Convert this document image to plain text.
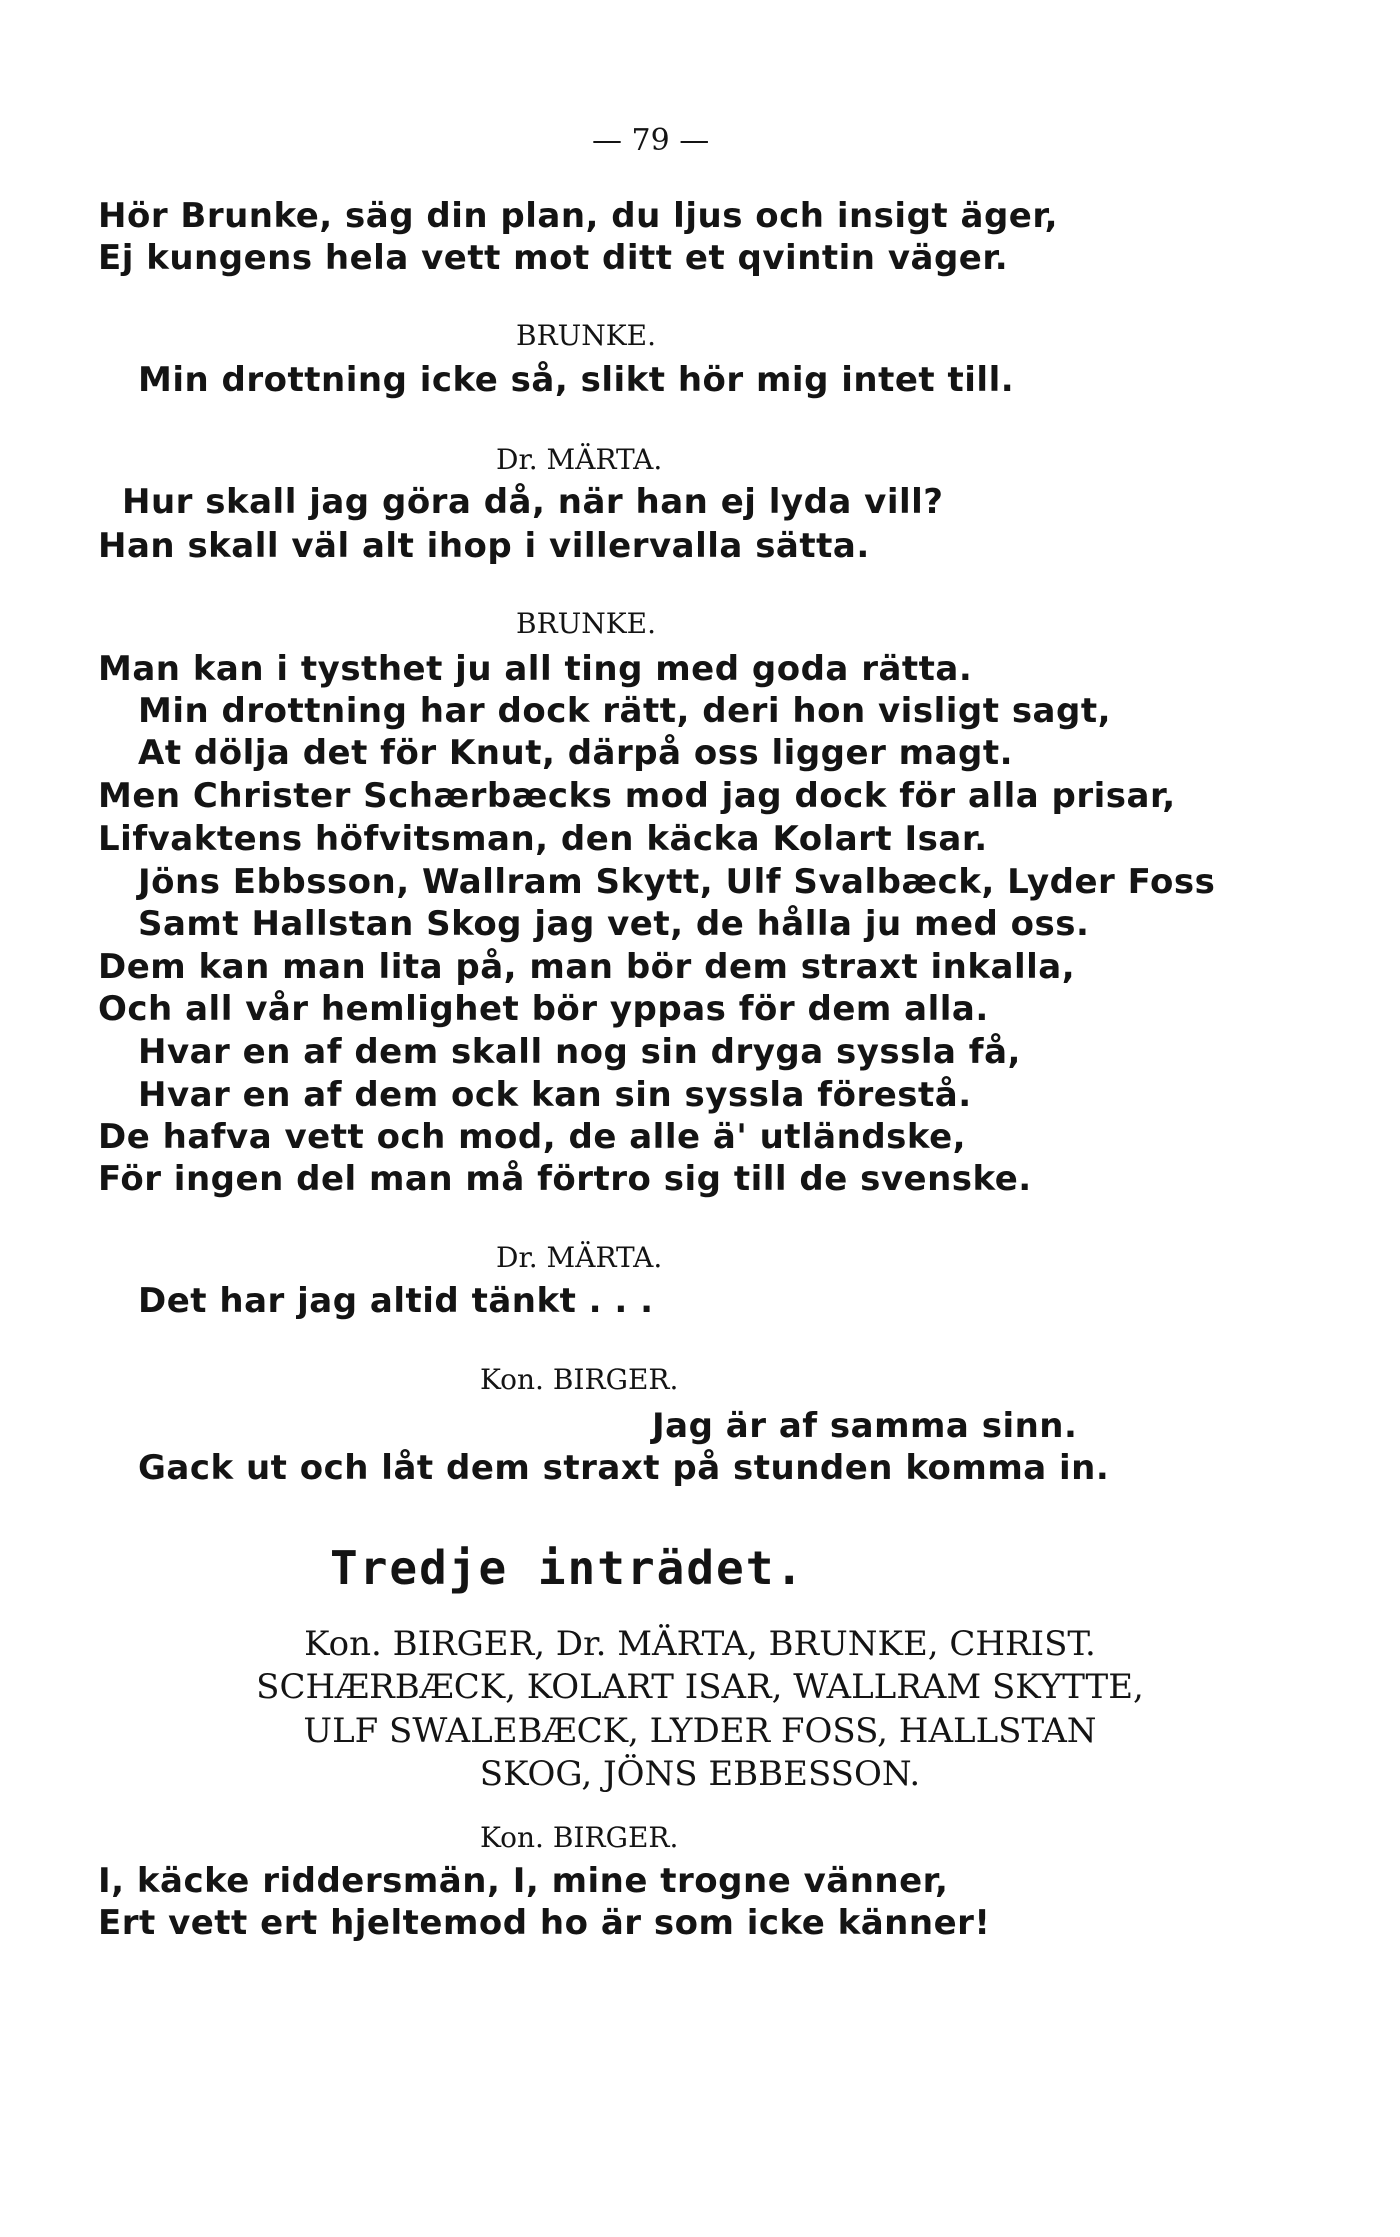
— 79 —
Hör Brunke, säg din plan, du ljus och insigt äger,
Ej kungens hela vett mot ditt et qvintin väger.
BRUNKE.
Min drottning icke så, slikt hör mig intet till.
Dr. MÄRTA.
Hur skall jag göra då, när han ej lyda vill?
Han skall väl alt ihop i villervalla sätta.
BRUNKE.
Man kan i tysthet ju all ting med goda rätta.
Min drottning har dock rätt, deri hon visligt sagt,
At dölja det för Knut, därpå oss ligger magt.
Men Christer Schærbæcks mod jag dock för alla prisar,
Lifvaktens höfvitsman, den käcka Kolart Isar.
Jöns Ebbsson, Wallram Skytt, Ulf Svalbæck, Lyder Foss
Samt Hallstan Skog jag vet, de hålla ju med oss.
Dem kan man lita på, man bör dem straxt inkalla,
Och all vår hemlighet bör yppas för dem alla.
Hvar en af dem skall nog sin dryga syssla få,
Hvar en af dem ock kan sin syssla förestå.
De hafva vett och mod, de alle ä' utländske,
För ingen del man må förtro sig till de svenske.
Dr. MÄRTA.
Det har jag altid tänkt . . .
Kon. BIRGER.
Jag är af samma sinn.
Gack ut och låt dem straxt på stunden komma in.
Tredje inträdet.
Kon. BIRGER, Dr. MÄRTA, BRUNKE, CHRIST.
SCHÆRBÆCK, KOLART ISAR, WALLRAM SKYTTE,
ULF SWALEBÆCK, LYDER FOSS, HALLSTAN
SKOG, JÖNS EBBESSON.
Kon. BIRGER.
I, käcke riddersmän, I, mine trogne vänner,
Ert vett ert hjeltemod ho är som icke känner!
